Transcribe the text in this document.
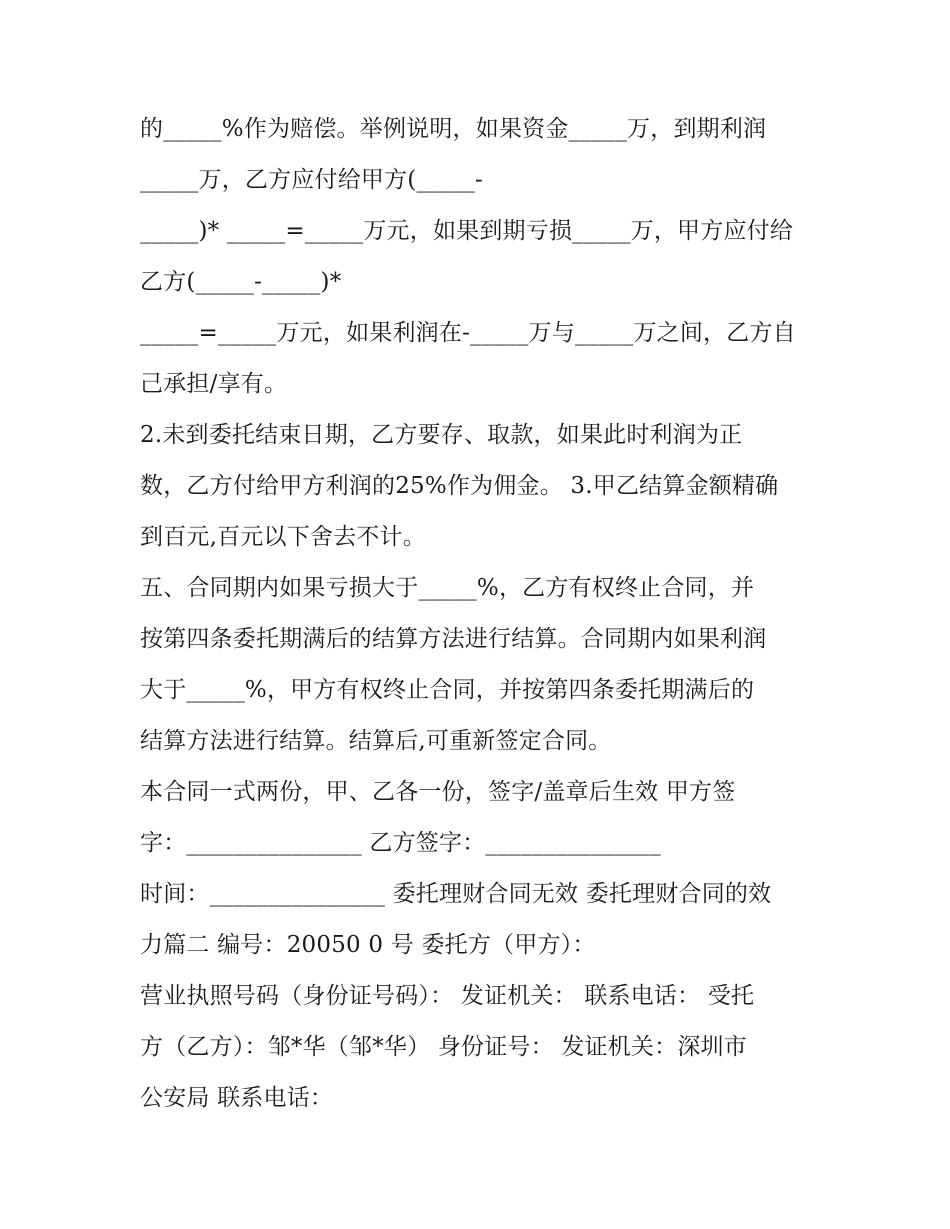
的_____%作为赔偿。举例说明，如果资金_____万，到期利润

_____万，乙方应付给甲方(_____-

_____)* _____=_____万元，如果到期亏损_____万，甲方应付给

乙方(_____-_____)*

_____=_____万元，如果利润在-_____万与_____万之间，乙方自

己承担/享有。

2.未到委托结束日期，乙方要存、取款，如果此时利润为正

数，乙方付给甲方利润的25%作为佣金。 3.甲乙结算金额精确

到百元,百元以下舍去不计。

五、合同期内如果亏损大于_____%，乙方有权终止合同，并

按第四条委托期满后的结算方法进行结算。合同期内如果利润

大于_____%，甲方有权终止合同，并按第四条委托期满后的

结算方法进行结算。结算后,可重新签定合同。

本合同一式两份，甲、乙各一份，签字/盖章后生效 甲方签

字：_______________ 乙方签字：_______________

时间：_______________ 委托理财合同无效 委托理财合同的效

力篇二 编号：20050 0 号 委托方（甲方）：

营业执照号码（身份证号码）： 发证机关： 联系电话： 受托

方（乙方）：邹*华（邹*华） 身份证号： 发证机关：深圳市

公安局 联系电话：
